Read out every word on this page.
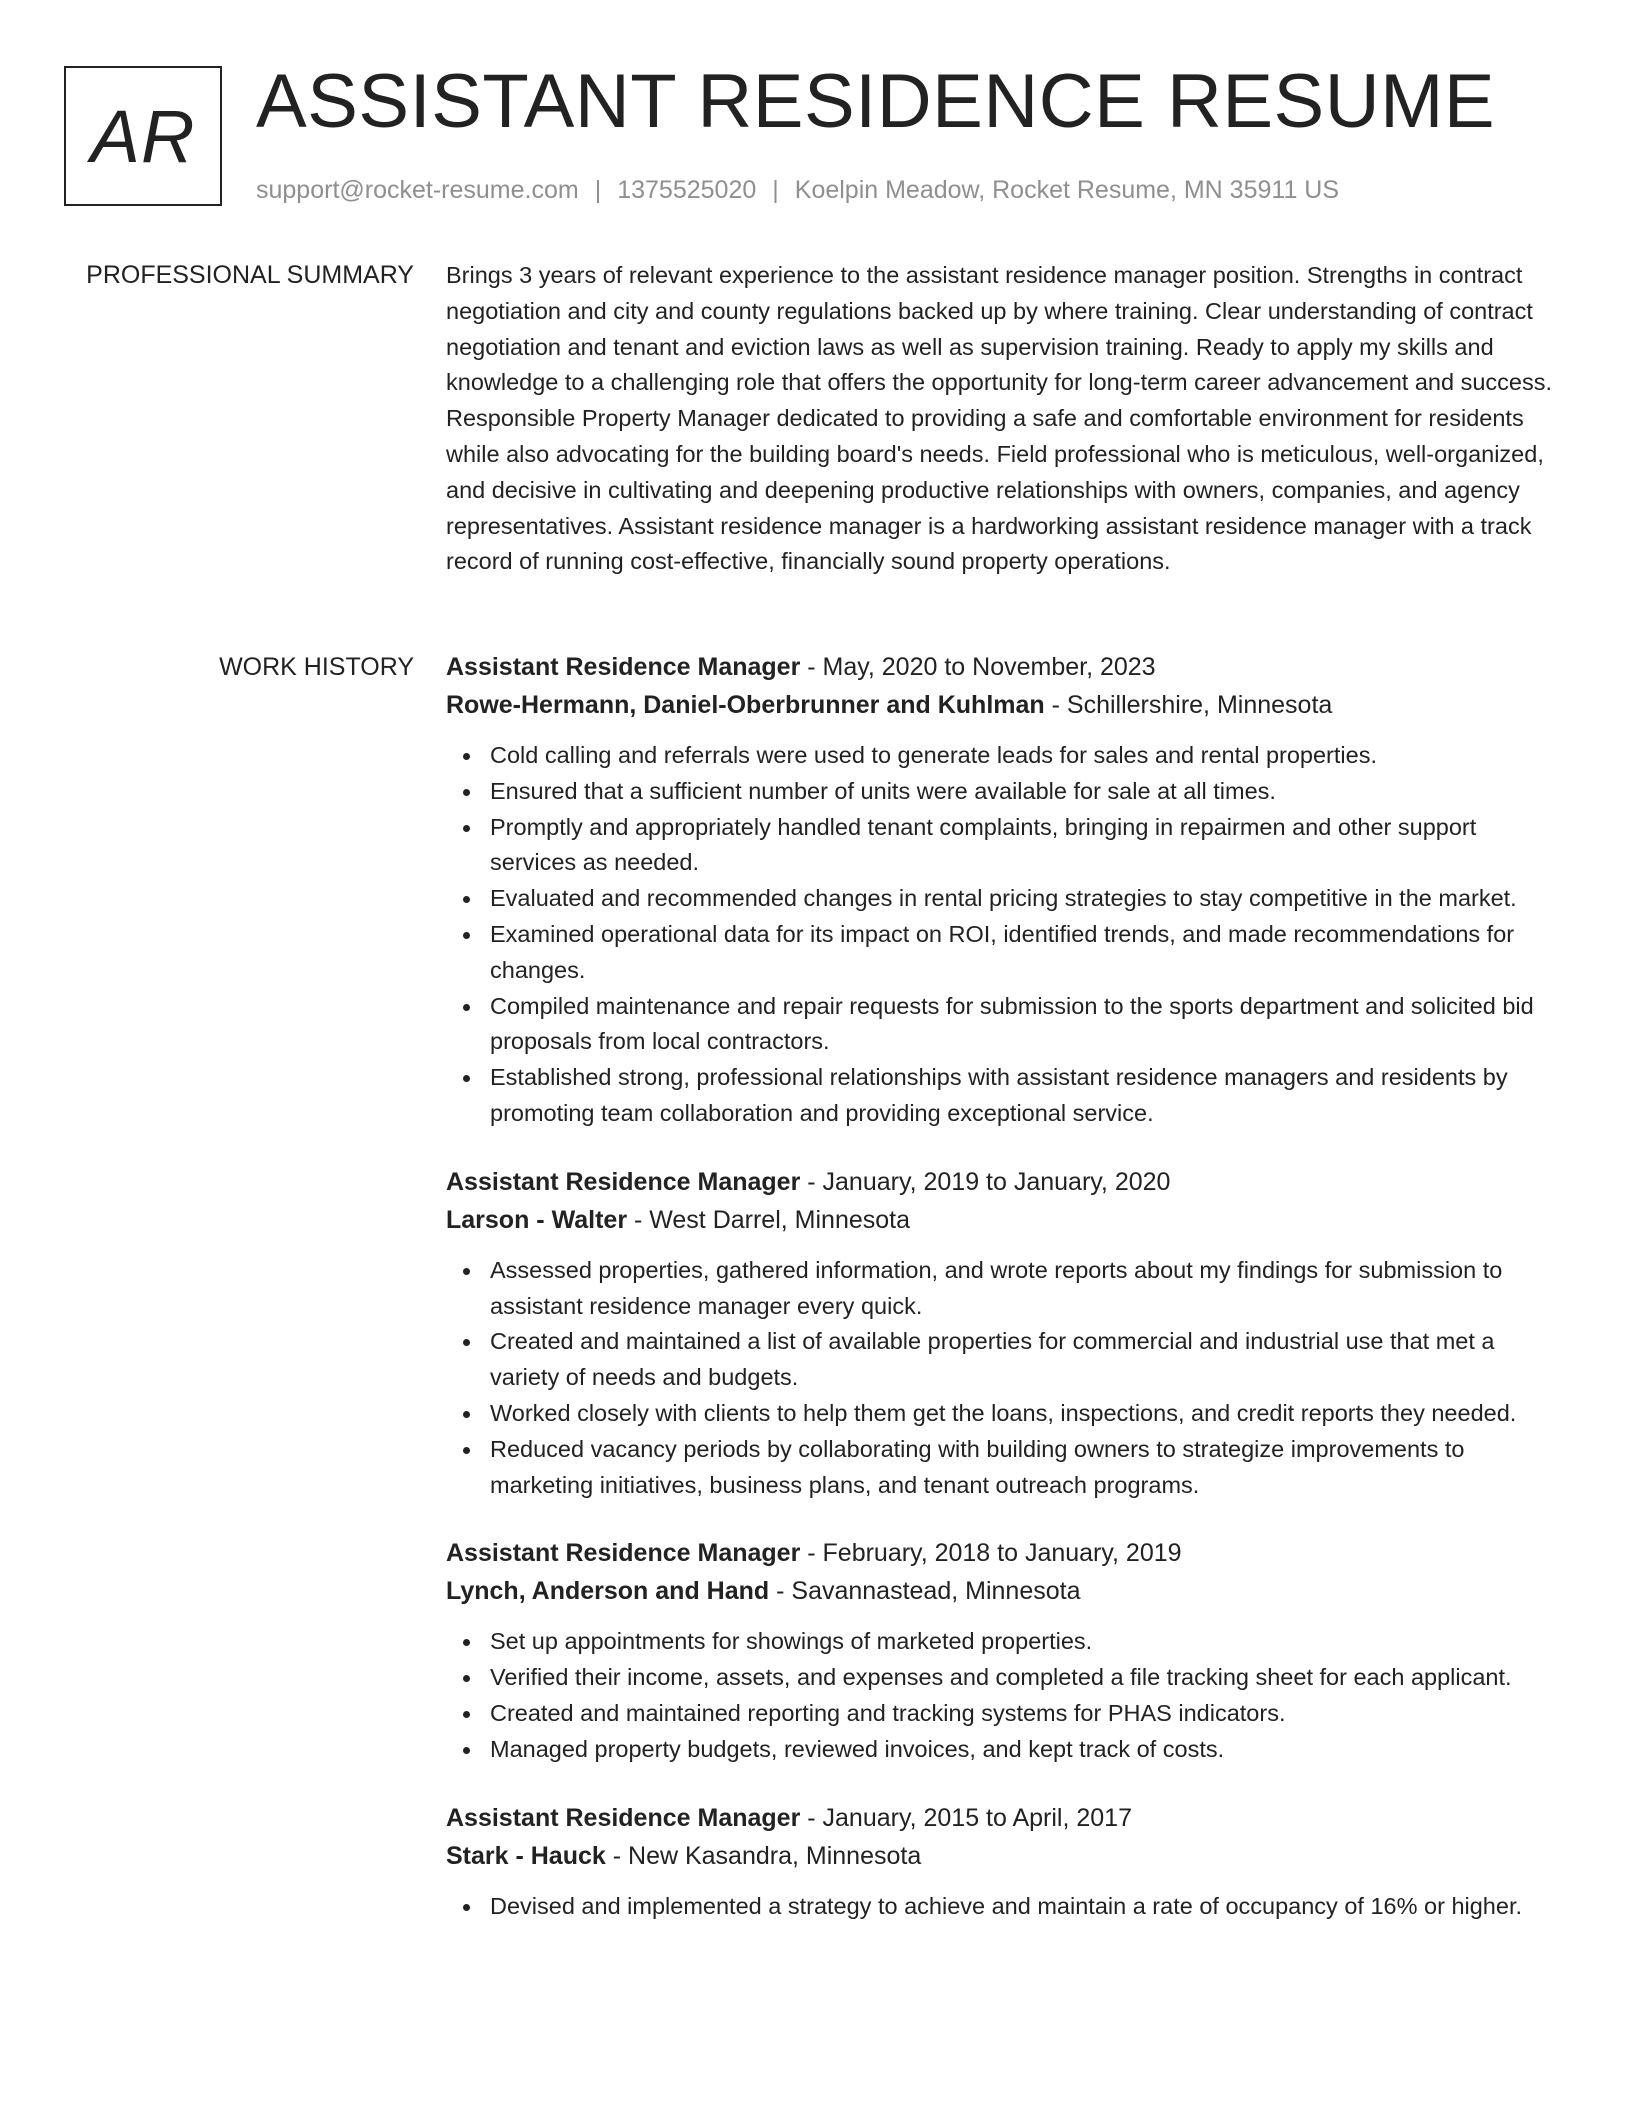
AR ASSISTANT RESIDENCE RESUME
support@rocket-resume.com | 1375525020 | Koelpin Meadow, Rocket Resume, MN 35911 US
PROFESSIONAL SUMMARY Brings 3 years of relevant experience to the assistant residence manager position. Strengths in contract negotiation and city and county regulations backed up by where training. Clear understanding of contract negotiation and tenant and eviction laws as well as supervision training. Ready to apply my skills and knowledge to a challenging role that offers the opportunity for long-term career advancement and success. Responsible Property Manager dedicated to providing a safe and comfortable environment for residents while also advocating for the building board's needs. Field professional who is meticulous, well-organized, and decisive in cultivating and deepening productive relationships with owners, companies, and agency representatives. Assistant residence manager is a hardworking assistant residence manager with a track record of running cost-effective, financially sound property operations.

WORK HISTORY Assistant Residence Manager - May, 2020 to November, 2023
Rowe-Hermann, Daniel-Oberbrunner and Kuhlman - Schillershire, Minnesota
Cold calling and referrals were used to generate leads for sales and rental properties.
Ensured that a sufficient number of units were available for sale at all times.
Promptly and appropriately handled tenant complaints, bringing in repairmen and other support services as needed.
Evaluated and recommended changes in rental pricing strategies to stay competitive in the market.
Examined operational data for its impact on ROI, identified trends, and made recommendations for changes.
Compiled maintenance and repair requests for submission to the sports department and solicited bid proposals from local contractors.
Established strong, professional relationships with assistant residence managers and residents by promoting team collaboration and providing exceptional service.
Assistant Residence Manager - January, 2019 to January, 2020
Larson - Walter - West Darrel, Minnesota
Assessed properties, gathered information, and wrote reports about my findings for submission to assistant residence manager every quick.
Created and maintained a list of available properties for commercial and industrial use that met a variety of needs and budgets.
Worked closely with clients to help them get the loans, inspections, and credit reports they needed.
Reduced vacancy periods by collaborating with building owners to strategize improvements to marketing initiatives, business plans, and tenant outreach programs.
Assistant Residence Manager - February, 2018 to January, 2019
Lynch, Anderson and Hand - Savannastead, Minnesota
Set up appointments for showings of marketed properties.
Verified their income, assets, and expenses and completed a file tracking sheet for each applicant.
Created and maintained reporting and tracking systems for PHAS indicators.
Managed property budgets, reviewed invoices, and kept track of costs.
Assistant Residence Manager - January, 2015 to April, 2017
Stark - Hauck - New Kasandra, Minnesota
Devised and implemented a strategy to achieve and maintain a rate of occupancy of 16% or higher.
